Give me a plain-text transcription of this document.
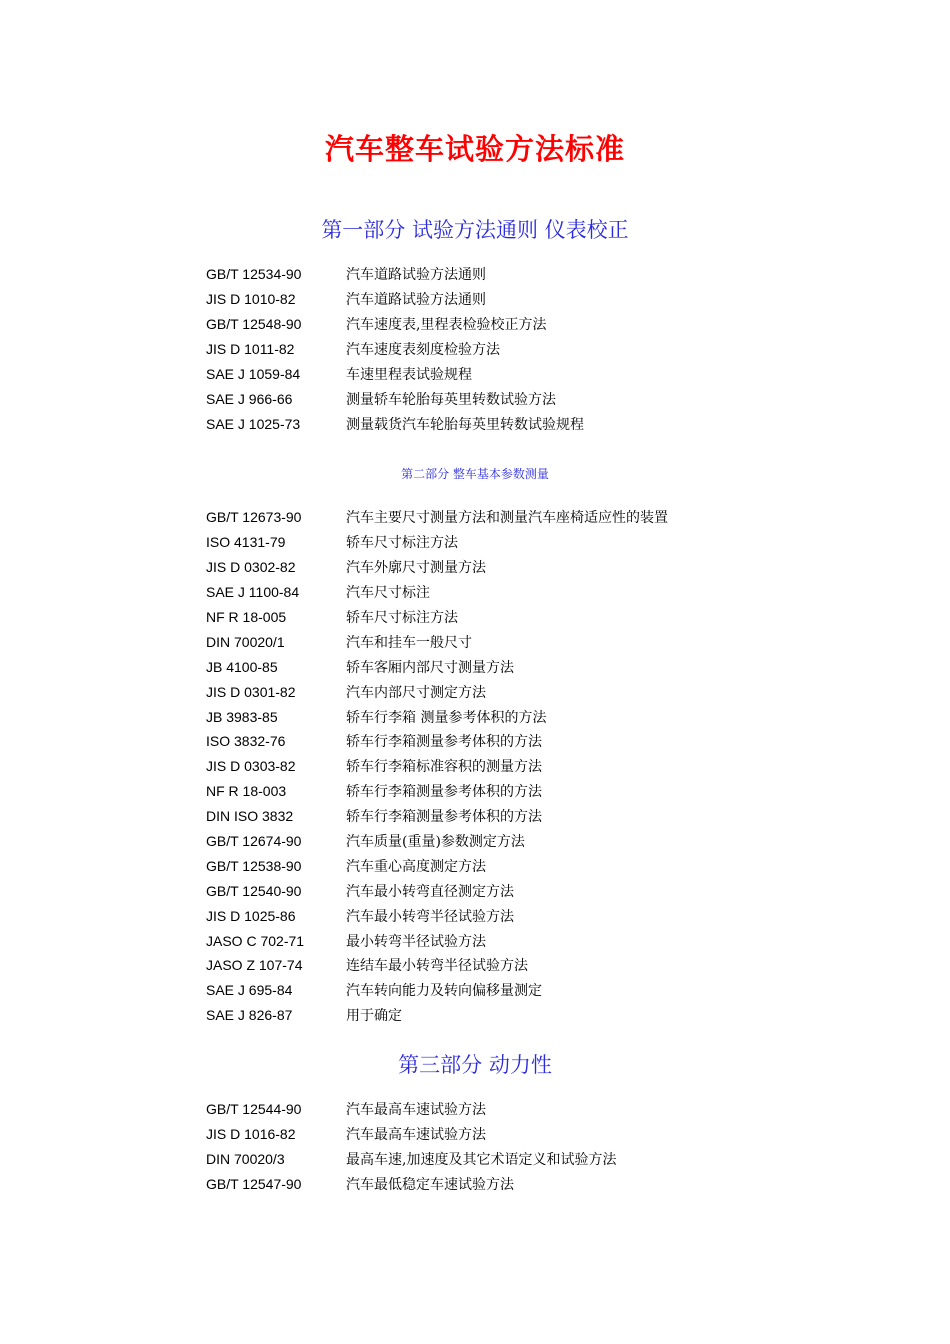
汽车整车试验方法标准
第一部分 试验方法通则 仪表校正
GB/T 12534-90	汽车道路试验方法通则
JIS D 1010-82	汽车道路试验方法通则
GB/T 12548-90	汽车速度表,里程表检验校正方法
JIS D 1011-82	汽车速度表刻度检验方法
SAE J 1059-84	车速里程表试验规程
SAE J 966-66	测量轿车轮胎每英里转数试验方法
SAE J 1025-73	测量载货汽车轮胎每英里转数试验规程
第二部分 整车基本参数测量
GB/T 12673-90	汽车主要尺寸测量方法和测量汽车座椅适应性的装置
ISO 4131-79	轿车尺寸标注方法
JIS D 0302-82	汽车外廓尺寸测量方法
SAE J 1100-84	汽车尺寸标注
NF R 18-005	轿车尺寸标注方法
DIN 70020/1	汽车和挂车一般尺寸
JB 4100-85	轿车客厢内部尺寸测量方法
JIS D 0301-82	汽车内部尺寸测定方法
JB 3983-85	轿车行李箱 测量参考体积的方法
ISO 3832-76	轿车行李箱测量参考体积的方法
JIS D 0303-82	轿车行李箱标准容积的测量方法
NF R 18-003	轿车行李箱测量参考体积的方法
DIN ISO 3832	轿车行李箱测量参考体积的方法
GB/T 12674-90	汽车质量(重量)参数测定方法
GB/T 12538-90	汽车重心高度测定方法
GB/T 12540-90	汽车最小转弯直径测定方法
JIS D 1025-86	汽车最小转弯半径试验方法
JASO C 702-71	最小转弯半径试验方法
JASO Z 107-74	连结车最小转弯半径试验方法
SAE J 695-84	汽车转向能力及转向偏移量测定
SAE J 826-87	用于确定
第三部分 动力性
GB/T 12544-90	汽车最高车速试验方法
JIS D 1016-82	汽车最高车速试验方法
DIN 70020/3	最高车速,加速度及其它术语定义和试验方法
GB/T 12547-90	汽车最低稳定车速试验方法
